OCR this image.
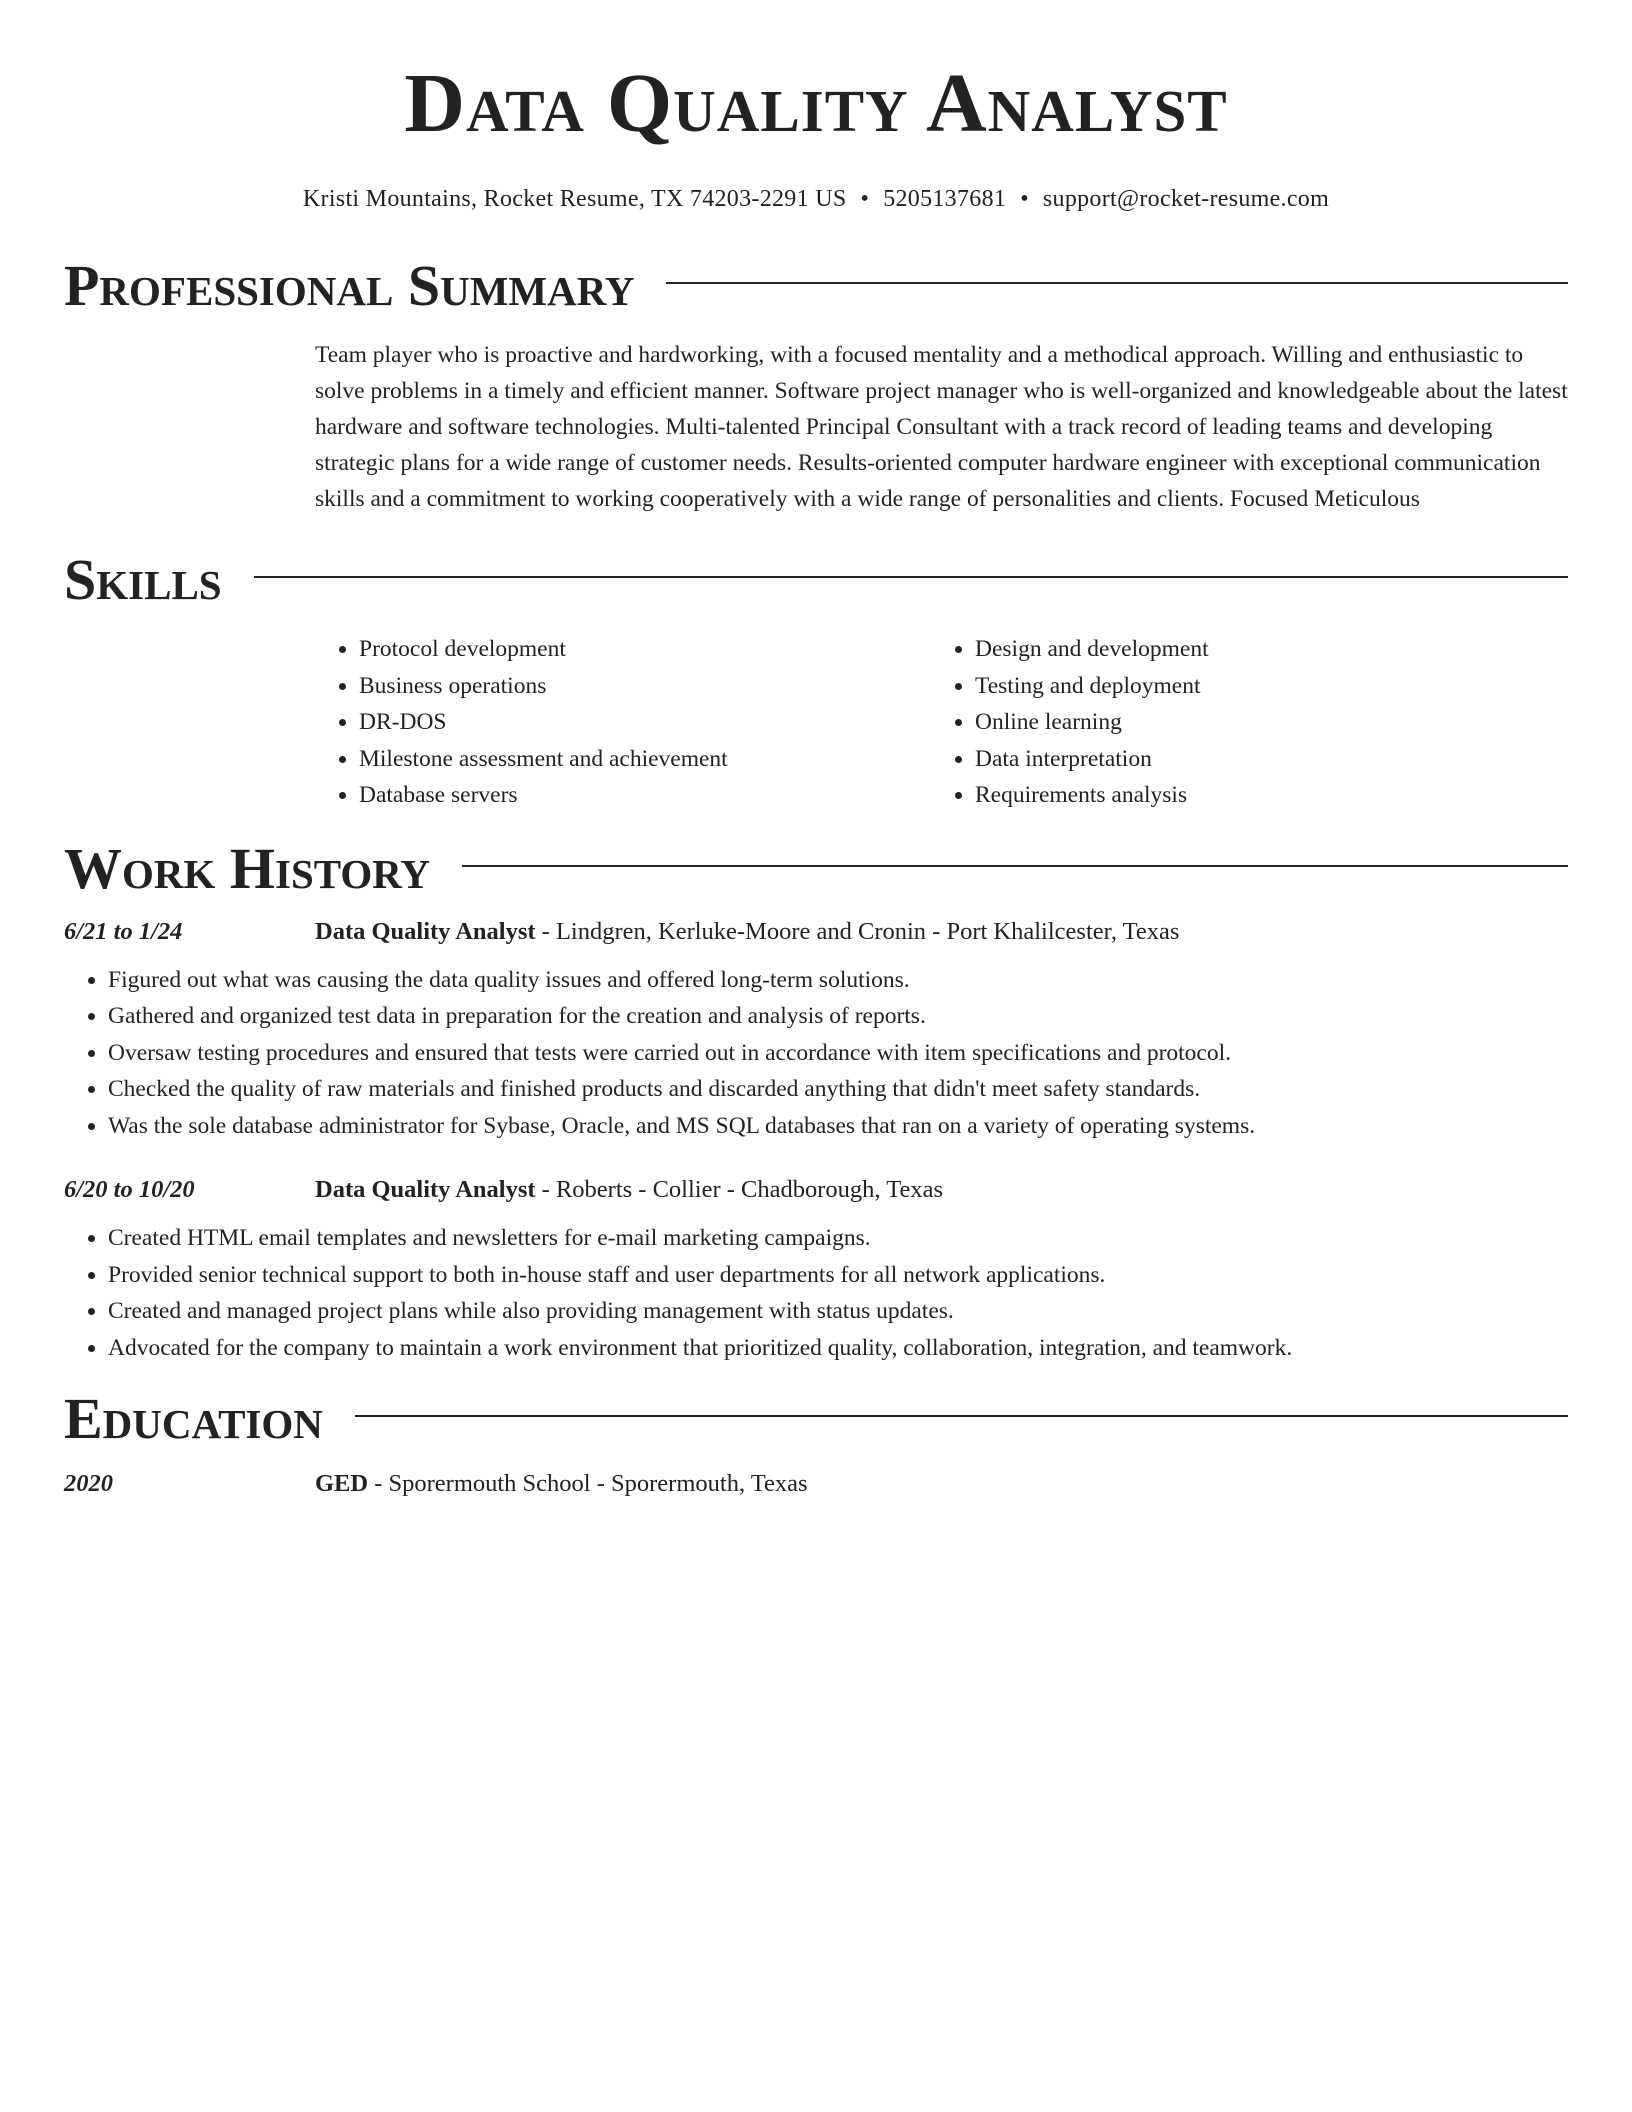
Data Quality Analyst
Kristi Mountains, Rocket Resume, TX 74203-2291 US • 5205137681 • support@rocket-resume.com
Professional Summary
Team player who is proactive and hardworking, with a focused mentality and a methodical approach. Willing and enthusiastic to solve problems in a timely and efficient manner. Software project manager who is well-organized and knowledgeable about the latest hardware and software technologies. Multi-talented Principal Consultant with a track record of leading teams and developing strategic plans for a wide range of customer needs. Results-oriented computer hardware engineer with exceptional communication skills and a commitment to working cooperatively with a wide range of personalities and clients. Focused Meticulous
Skills
• Protocol development
• Business operations
• DR-DOS
• Milestone assessment and achievement
• Database servers
• Design and development
• Testing and deployment
• Online learning
• Data interpretation
• Requirements analysis
Work History
6/21 to 1/24	Data Quality Analyst - Lindgren, Kerluke-Moore and Cronin - Port Khalilcester, Texas
• Figured out what was causing the data quality issues and offered long-term solutions.
• Gathered and organized test data in preparation for the creation and analysis of reports.
• Oversaw testing procedures and ensured that tests were carried out in accordance with item specifications and protocol.
• Checked the quality of raw materials and finished products and discarded anything that didn't meet safety standards.
• Was the sole database administrator for Sybase, Oracle, and MS SQL databases that ran on a variety of operating systems.
6/20 to 10/20	Data Quality Analyst - Roberts - Collier - Chadborough, Texas
• Created HTML email templates and newsletters for e-mail marketing campaigns.
• Provided senior technical support to both in-house staff and user departments for all network applications.
• Created and managed project plans while also providing management with status updates.
• Advocated for the company to maintain a work environment that prioritized quality, collaboration, integration, and teamwork.
Education
2020	GED - Sporermouth School - Sporermouth, Texas
